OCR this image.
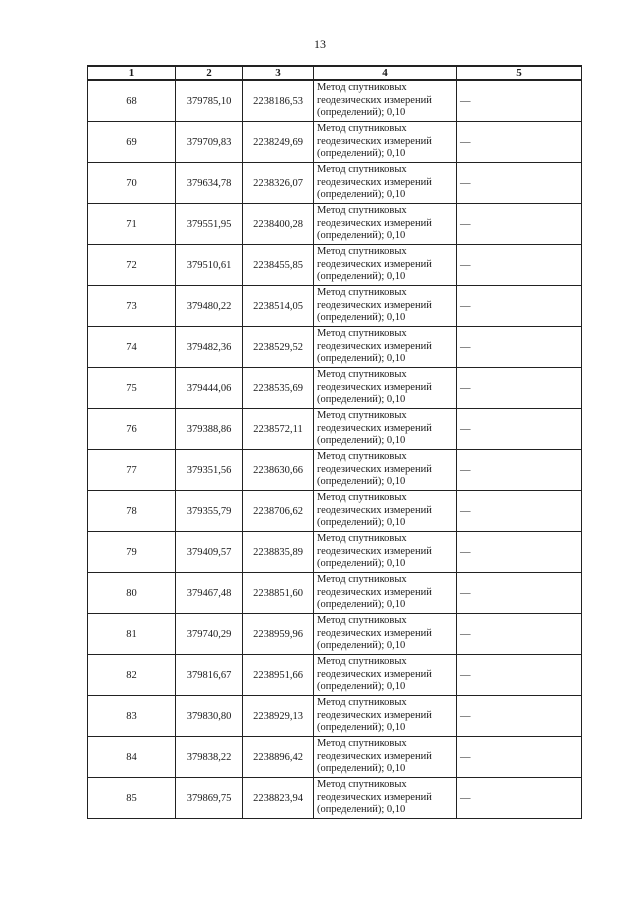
13
1	2	3	4	5
68	379785,10	2238186,53	Метод спутниковых
геодезических измерений
(определений); 0,10	—
69	379709,83	2238249,69	Метод спутниковых
геодезических измерений
(определений); 0,10	—
70	379634,78	2238326,07	Метод спутниковых
геодезических измерений
(определений); 0,10	—
71	379551,95	2238400,28	Метод спутниковых
геодезических измерений
(определений); 0,10	—
72	379510,61	2238455,85	Метод спутниковых
геодезических измерений
(определений); 0,10	—
73	379480,22	2238514,05	Метод спутниковых
геодезических измерений
(определений); 0,10	—
74	379482,36	2238529,52	Метод спутниковых
геодезических измерений
(определений); 0,10	—
75	379444,06	2238535,69	Метод спутниковых
геодезических измерений
(определений); 0,10	—
76	379388,86	2238572,11	Метод спутниковых
геодезических измерений
(определений); 0,10	—
77	379351,56	2238630,66	Метод спутниковых
геодезических измерений
(определений); 0,10	—
78	379355,79	2238706,62	Метод спутниковых
геодезических измерений
(определений); 0,10	—
79	379409,57	2238835,89	Метод спутниковых
геодезических измерений
(определений); 0,10	—
80	379467,48	2238851,60	Метод спутниковых
геодезических измерений
(определений); 0,10	—
81	379740,29	2238959,96	Метод спутниковых
геодезических измерений
(определений); 0,10	—
82	379816,67	2238951,66	Метод спутниковых
геодезических измерений
(определений); 0,10	—
83	379830,80	2238929,13	Метод спутниковых
геодезических измерений
(определений); 0,10	—
84	379838,22	2238896,42	Метод спутниковых
геодезических измерений
(определений); 0,10	—
85	379869,75	2238823,94	Метод спутниковых
геодезических измерений
(определений); 0,10	—
